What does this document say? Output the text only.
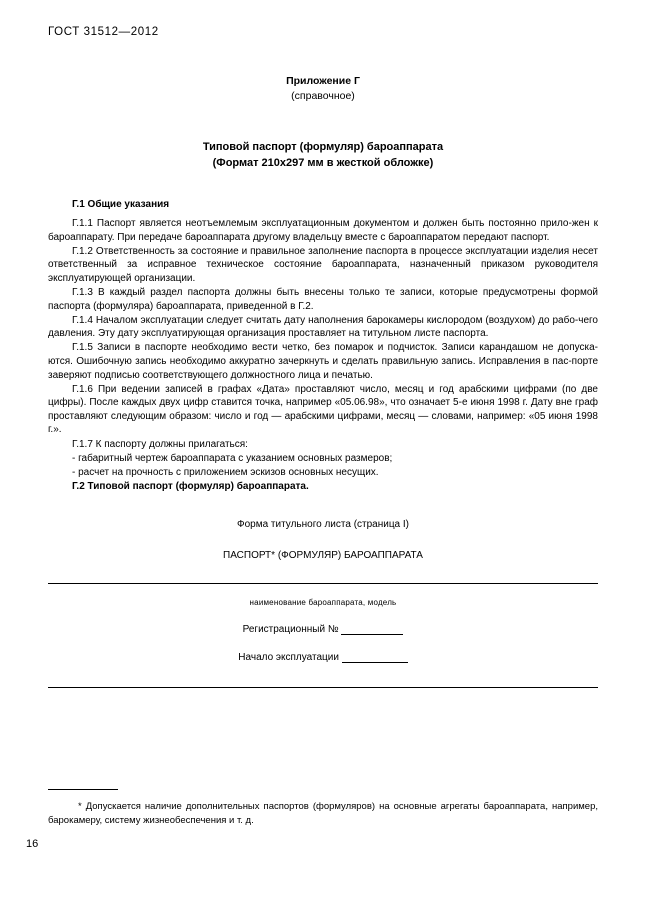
ГОСТ 31512—2012
Приложение Г
(справочное)
Типовой паспорт (формуляр) бароаппарата
(Формат 210х297 мм в жесткой обложке)
Г.1 Общие указания

Г.1.1 Паспорт является неотъемлемым эксплуатационным документом и должен быть постоянно прило-жен к бароаппарату. При передаче бароаппарата другому владельцу вместе с бароаппаратом передают паспорт.

Г.1.2 Ответственность за состояние и правильное заполнение паспорта в процессе эксплуатации изделия несет ответственный за исправное техническое состояние бароаппарата, назначенный приказом руководителя эксплуатирующей организации.

Г.1.3 В каждый раздел паспорта должны быть внесены только те записи, которые предусмотрены формой паспорта (формуляра) бароаппарата, приведенной в Г.2.

Г.1.4 Началом эксплуатации следует считать дату наполнения барокамеры кислородом (воздухом) до рабо-чего давления. Эту дату эксплуатирующая организация проставляет на титульном листе паспорта.

Г.1.5 Записи в паспорте необходимо вести четко, без помарок и подчисток. Записи карандашом не допуска-ются. Ошибочную запись необходимо аккуратно зачеркнуть и сделать правильную запись. Исправления в пас-порте заверяют подписью соответствующего должностного лица и печатью.

Г.1.6 При ведении записей в графах «Дата» проставляют число, месяц и год арабскими цифрами (по две цифры). После каждых двух цифр ставится точка, например «05.06.98», что означает 5-е июня 1998 г. Дату вне граф проставляют следующим образом: число и год — арабскими цифрами, месяц — словами, например: «05 июня 1998 г.».

Г.1.7 К паспорту должны прилагаться:

- габаритный чертеж бароаппарата с указанием основных размеров;

- расчет на прочность с приложением эскизов основных несущих.

Г.2 Типовой паспорт (формуляр) бароаппарата.

Форма титульного листа (страница I)
ПАСПОРТ* (ФОРМУЛЯР) БАРОАППАРАТА
наименование бароаппарата, модель
Регистрационный №
Начало эксплуатации
* Допускается наличие дополнительных паспортов (формуляров) на основные агрегаты бароаппарата, например, барокамеру, систему жизнеобеспечения и т. д.
16
